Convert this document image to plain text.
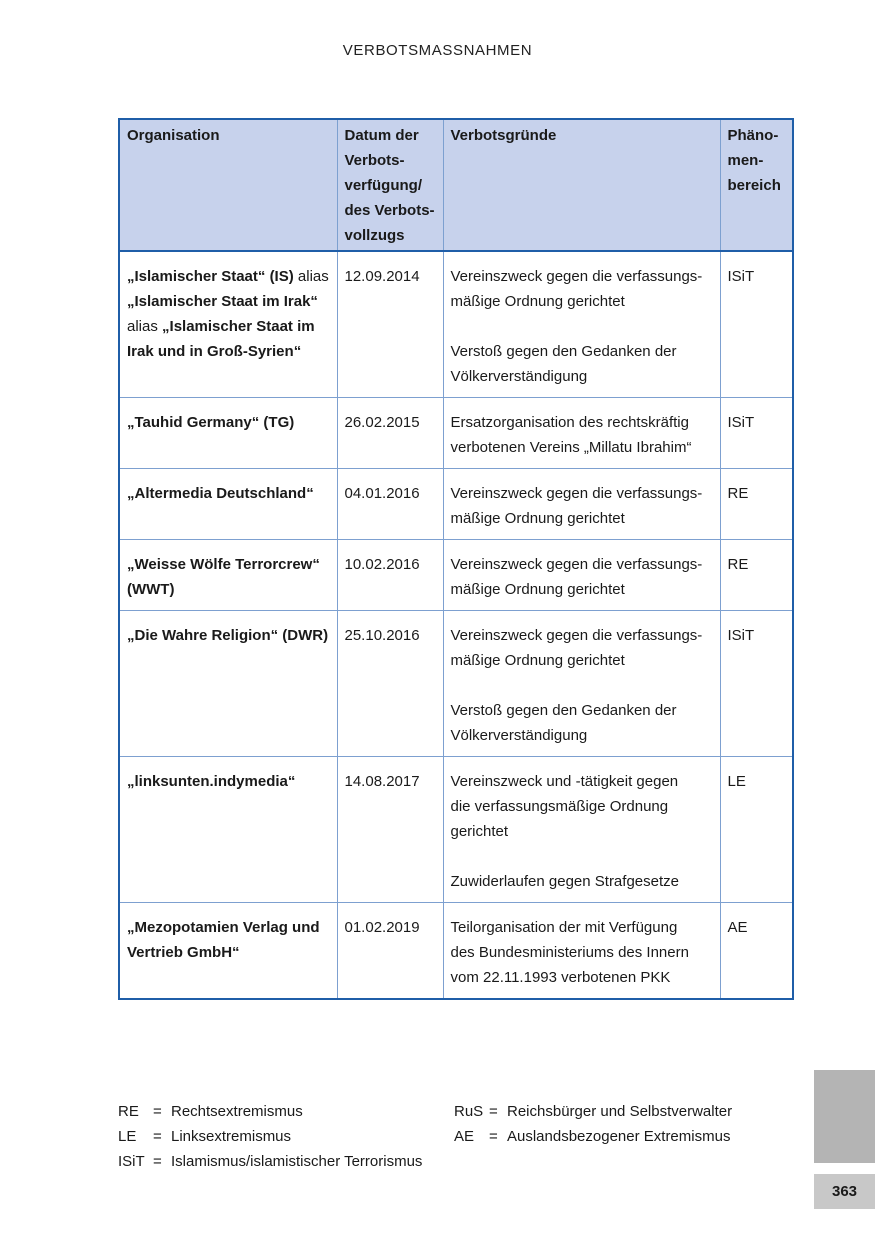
VERBOTSMASSNAHMEN
Organisation	Datum der
Verbots-
verfügung/
des Verbots-
vollzugs	Verbotsgründe	Phäno-
men-
bereich
„Islamischer Staat“ (IS) alias „Islamischer Staat im Irak“ alias „Islamischer Staat im Irak und in Groß-Syrien“	12.09.2014	Vereinszweck gegen die verfassungs-
mäßige Ordnung gerichtet

Verstoß gegen den Gedanken der
Völkerverständigung	ISiT
„Tauhid Germany“ (TG)	26.02.2015	Ersatzorganisation des rechtskräftig
verbotenen Vereins „Millatu Ibrahim“	ISiT
„Altermedia Deutschland“	04.01.2016	Vereinszweck gegen die verfassungs-
mäßige Ordnung gerichtet	RE
„Weisse Wölfe Terrorcrew“ (WWT)	10.02.2016	Vereinszweck gegen die verfassungs-
mäßige Ordnung gerichtet	RE
„Die Wahre Religion“ (DWR)	25.10.2016	Vereinszweck gegen die verfassungs-
mäßige Ordnung gerichtet

Verstoß gegen den Gedanken der
Völkerverständigung	ISiT
„linksunten.indymedia“	14.08.2017	Vereinszweck und -tätigkeit gegen
die verfassungsmäßige Ordnung
gerichtet

Zuwiderlaufen gegen Strafgesetze	LE
„Mezopotamien Verlag und Vertrieb GmbH“	01.02.2019	Teilorganisation der mit Verfügung
des Bundesministeriums des Innern
vom 22.11.1993 verbotenen PKK	AE
RE = Rechtsextremismus
LE = Linksextremismus
ISiT = Islamismus/islamistischer Terrorismus
RuS = Reichsbürger und Selbstverwalter
AE = Auslandsbezogener Extremismus
363
